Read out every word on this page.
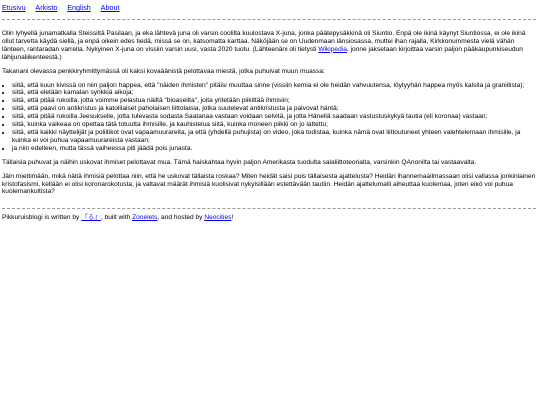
Etusivu Arkisto English About

Olin lyhyellä junamatkalla Steissiltä Pasilaan, ja eka lähtevä juna oli varsin coolilta kuulostava X-juna, jonka päätepysäkkinä oli Siuntio. Enpä ole ikinä käynyt Siuntiossa, ei ole ikinä ollut tarvetta käydä siellä, ja enpä oikein edes tiedä, missä se on, katsomatta karttaa. Näköjään se on Uudenmaan länsiosassa, muttei ihan rajalla, Kirkkonummesta vielä vähän länteen, rantaradan varrella. Nykyinen X-juna on vissiin varsin uusi, vasta 2020 tuotu. (Lähteenäni oli tietysti Wikipedia, jonne jaksetaan kirjoittaa varsin paljon pääkaupunkiseudun lähijunaliikenteestä.)

Takanani olevassa penkkiryhmittymässä oli kaksi kovaäänistä pelottavaa miestä, jotka puhuivat muun muassa:

• siitä, että kuun kivissä on niin paljon happea, että "näiden ihmisten" pitäisi muuttaa sinne (vissiin kemia ei ole heidän vahvuutensa, löytyyhän happea myös kalsita ja graniitista);
• siitä, että eletään kamalan synkkiä aikoja;
• siitä, että pitää rukoilla, jotta voimme pelastua näiltä "bioaseilta", joita yritetään piikittää ihmisiin;
• siitä, että paavi on antikristus ja katolilaiset paholaisen liittolaisia, jotka suutelevat antikristusta ja palvovat häntä;
• siitä, että pitää rukoilla Jeesukselle, jotta tulevasta sodasta Saatanaa vastaan voidaan selvitä, ja jotta Hänellä saadaan vastustuskykyä tautia (eli koronaa) vastaan;
• siitä, kuinka vaikeaa on opettaa tätä totuutta ihmisille, ja kauhistelua siitä, kuinka moneen piikki on jo lattettu;
• siitä, että kaikki näyttelijät ja poliitikot ovat vapaamuurareita, ja että (yhdellä puhujista) on video, joka todistaa, kuinka nämä ovat liittoutuneet yhteen valehtelemaan ihmisille, ja kuinka ei voi puhua vapaamuurareista vastaan;
• ja niin edelleen, mutta tässä vaiheessa piti jäädä pois junasta.

Tällaisia puhuvat ja näihin uskovat ihmiset pelottavat mua. Tämä haiskahtaa hyvin paljon Amerikasta tuodulta salaliittoteorialta, varsinkin QAnonilta tai vastaavalta.

Jäin miettimään, mikä näitä ihmisiä pelottaa niin, että he uskovat tällaista roskaa? Miten heidät saisi pois tällaisesta ajattelusta? Heidän ihannemaailmassaan olisi vallassa jonkinlainen kristofasismi, kellään ei olisi koronarokotusta, ja valtavat määrät ihmisiä kuolisivat nykyisillään estettävään tautiin. Heidän ajattelumalli aiheuttaa kuolemaa, joten eikö voi puhua kuolemankultista?

Pikkuruisblogi is written by 『る』, built with Zonelets, and hosted by Neocities!
